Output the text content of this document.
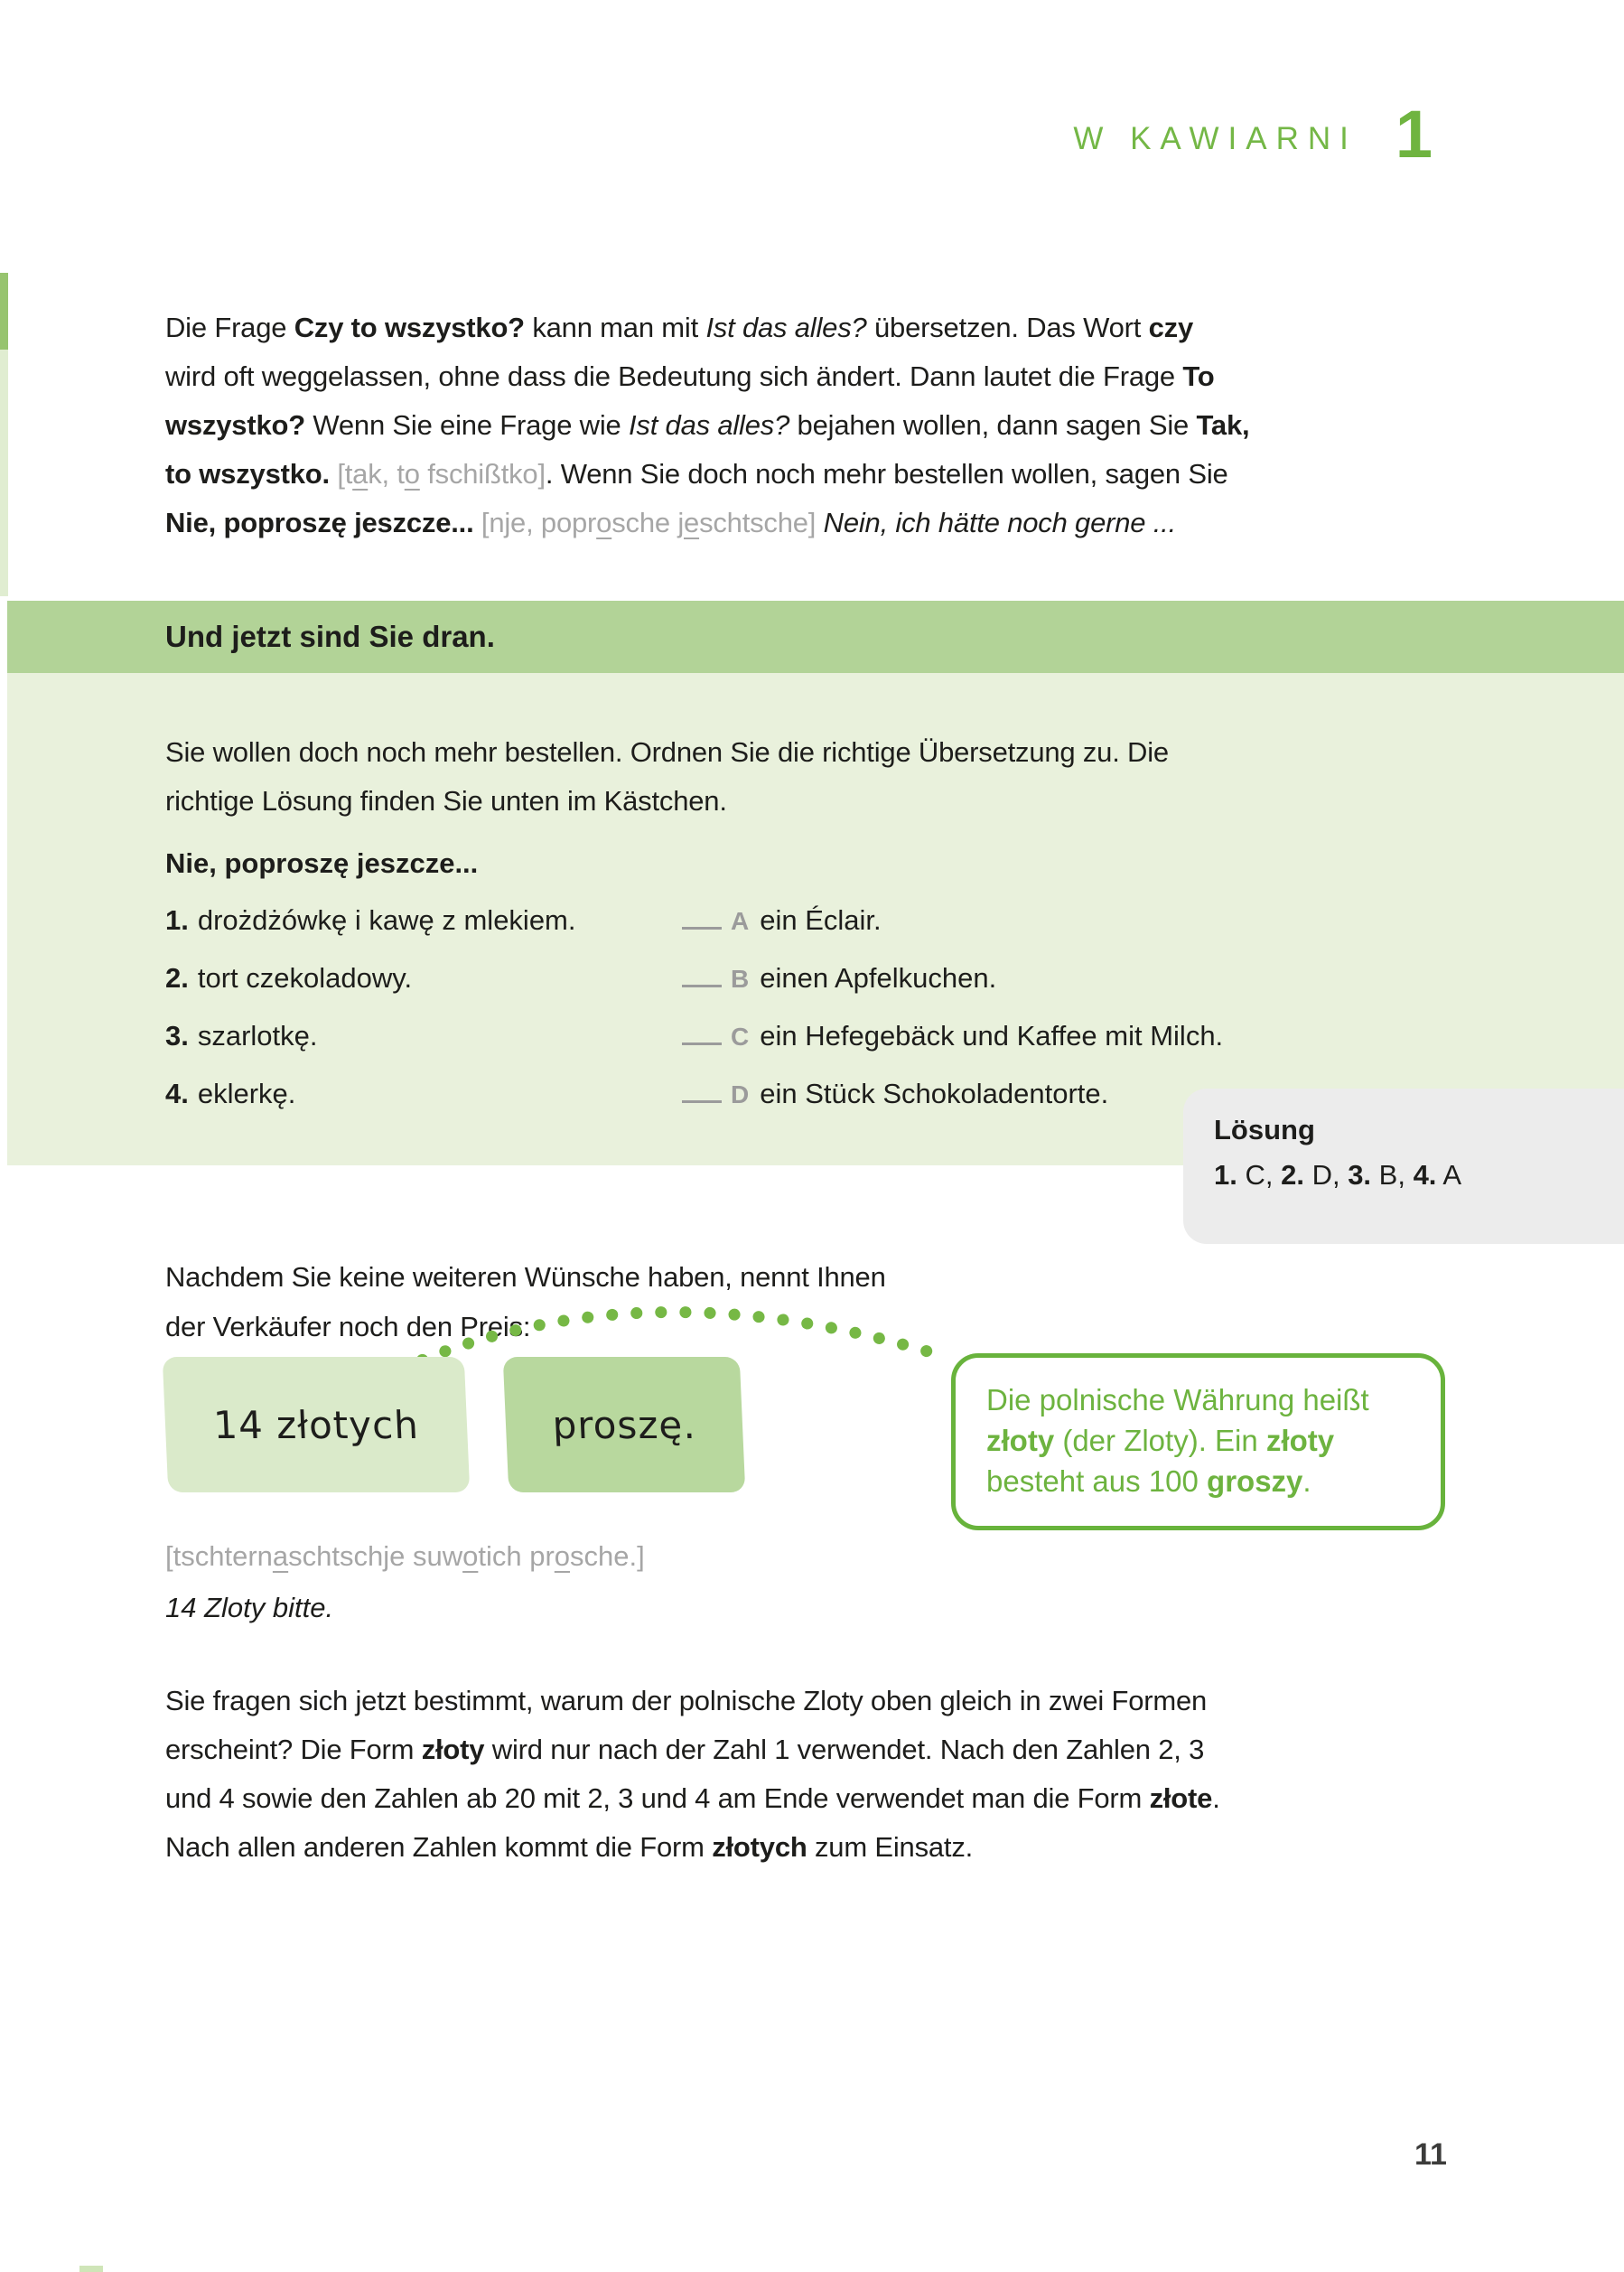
W KAWIARNI 1
Die Frage Czy to wszystko? kann man mit Ist das alles? übersetzen. Das Wort czy
wird oft weggelassen, ohne dass die Bedeutung sich ändert. Dann lautet die Frage To
wszystko? Wenn Sie eine Frage wie Ist das alles? bejahen wollen, dann sagen Sie Tak,
to wszystko. [tak, to fschißtko]. Wenn Sie doch noch mehr bestellen wollen, sagen Sie
Nie, poproszę jeszcze... [nje, poprosche jeschtsche] Nein, ich hätte noch gerne ...
Und jetzt sind Sie dran.
Sie wollen doch noch mehr bestellen. Ordnen Sie die richtige Übersetzung zu. Die
richtige Lösung finden Sie unten im Kästchen.
Nie, poproszę jeszcze...
1. drożdżówkę i kawę z mlekiem.	A ein Éclair.
2. tort czekoladowy.	B einen Apfelkuchen.
3. szarlotkę.	C ein Hefegebäck und Kaffee mit Milch.
4. eklerkę.	D ein Stück Schokoladentorte.
Lösung
1. C, 2. D, 3. B, 4. A
Nachdem Sie keine weiteren Wünsche haben, nennt Ihnen
der Verkäufer noch den Preis:
14 złotych	proszę.
Die polnische Währung heißt
złoty (der Zloty). Ein złoty
besteht aus 100 groszy.
[tschternaschtschje suwotich prosche.]
14 Zloty bitte.
Sie fragen sich jetzt bestimmt, warum der polnische Zloty oben gleich in zwei Formen
erscheint? Die Form złoty wird nur nach der Zahl 1 verwendet. Nach den Zahlen 2, 3
und 4 sowie den Zahlen ab 20 mit 2, 3 und 4 am Ende verwendet man die Form złote.
Nach allen anderen Zahlen kommt die Form złotych zum Einsatz.
11
